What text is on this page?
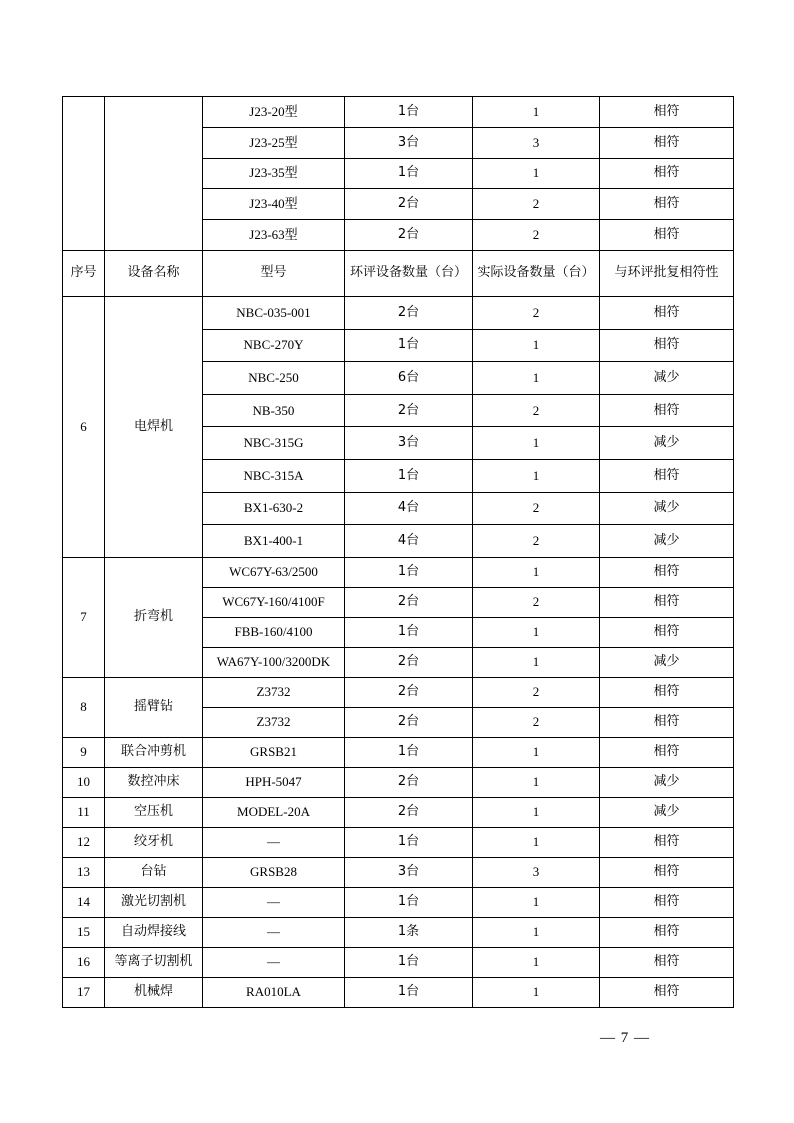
		J23-20型	1台	1	相符
		J23-25型	3台	3	相符
		J23-35型	1台	1	相符
		J23-40型	2台	2	相符
		J23-63型	2台	2	相符
序号	设备名称	型号	环评设备数量（台）	实际设备数量（台）	与环评批复相符性
6	电焊机	NBC-035-001	2台	2	相符
		NBC-270Y	1台	1	相符
		NBC-250	6台	1	减少
		NB-350	2台	2	相符
		NBC-315G	3台	1	减少
		NBC-315A	1台	1	相符
		BX1-630-2	4台	2	减少
		BX1-400-1	4台	2	减少
7	折弯机	WC67Y-63/2500	1台	1	相符
		WC67Y-160/4100F	2台	2	相符
		FBB-160/4100	1台	1	相符
		WA67Y-100/3200DK	2台	1	减少
8	摇臂钻	Z3732	2台	2	相符
		Z3732	2台	2	相符
9	联合冲剪机	GRSB21	1台	1	相符
10	数控冲床	HPH-5047	2台	1	减少
11	空压机	MODEL-20A	2台	1	减少
12	绞牙机	—	1台	1	相符
13	台钻	GRSB28	3台	3	相符
14	激光切割机	—	1台	1	相符
15	自动焊接线	—	1条	1	相符
16	等离子切割机	—	1台	1	相符
17	机械焊	RA010LA	1台	1	相符
— 7 —
